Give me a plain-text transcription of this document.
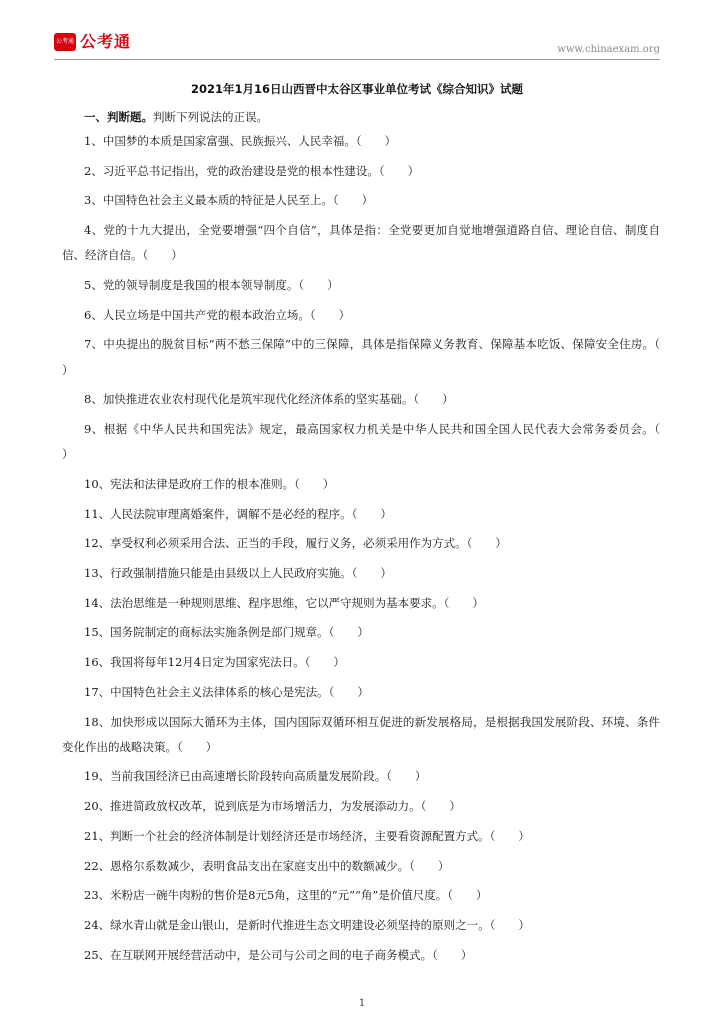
公考通 公考通	www.chinaexam.org
2021年1月16日山西晋中太谷区事业单位考试《综合知识》试题
一、判断题。判断下列说法的正误。
1、中国梦的本质是国家富强、民族振兴、人民幸福。（　　）
2、习近平总书记指出，党的政治建设是党的根本性建设。（　　）
3、中国特色社会主义最本质的特征是人民至上。（　　）
4、党的十九大提出，全党要增强“四个自信”，具体是指：全党要更加自觉地增强道路自信、理论自信、制度自信、经济自信。（　　）
5、党的领导制度是我国的根本领导制度。（　　）
6、人民立场是中国共产党的根本政治立场。（　　）
7、中央提出的脱贫目标“两不愁三保障”中的三保障，具体是指保障义务教育、保障基本吃饭、保障安全住房。（　　）
8、加快推进农业农村现代化是筑牢现代化经济体系的坚实基础。（　　）
9、根据《中华人民共和国宪法》规定，最高国家权力机关是中华人民共和国全国人民代表大会常务委员会。（　　）
10、宪法和法律是政府工作的根本准则。（　　）
11、人民法院审理离婚案件，调解不是必经的程序。（　　）
12、享受权利必须采用合法、正当的手段，履行义务，必须采用作为方式。（　　）
13、行政强制措施只能是由县级以上人民政府实施。（　　）
14、法治思维是一种规则思维、程序思维，它以严守规则为基本要求。（　　）
15、国务院制定的商标法实施条例是部门规章。（　　）
16、我国将每年12月4日定为国家宪法日。（　　）
17、中国特色社会主义法律体系的核心是宪法。（　　）
18、加快形成以国际大循环为主体，国内国际双循环相互促进的新发展格局，是根据我国发展阶段、环境、条件变化作出的战略决策。（　　）
19、当前我国经济已由高速增长阶段转向高质量发展阶段。（　　）
20、推进简政放权改革，说到底是为市场增活力，为发展添动力。（　　）
21、判断一个社会的经济体制是计划经济还是市场经济，主要看资源配置方式。（　　）
22、恩格尔系数减少，表明食品支出在家庭支出中的数额减少。（　　）
23、米粉店一碗牛肉粉的售价是8元5角，这里的“元”“角”是价值尺度。（　　）
24、绿水青山就是金山银山，是新时代推进生态文明建设必须坚持的原则之一。（　　）
25、在互联网开展经营活动中，是公司与公司之间的电子商务模式。（　　）
1
